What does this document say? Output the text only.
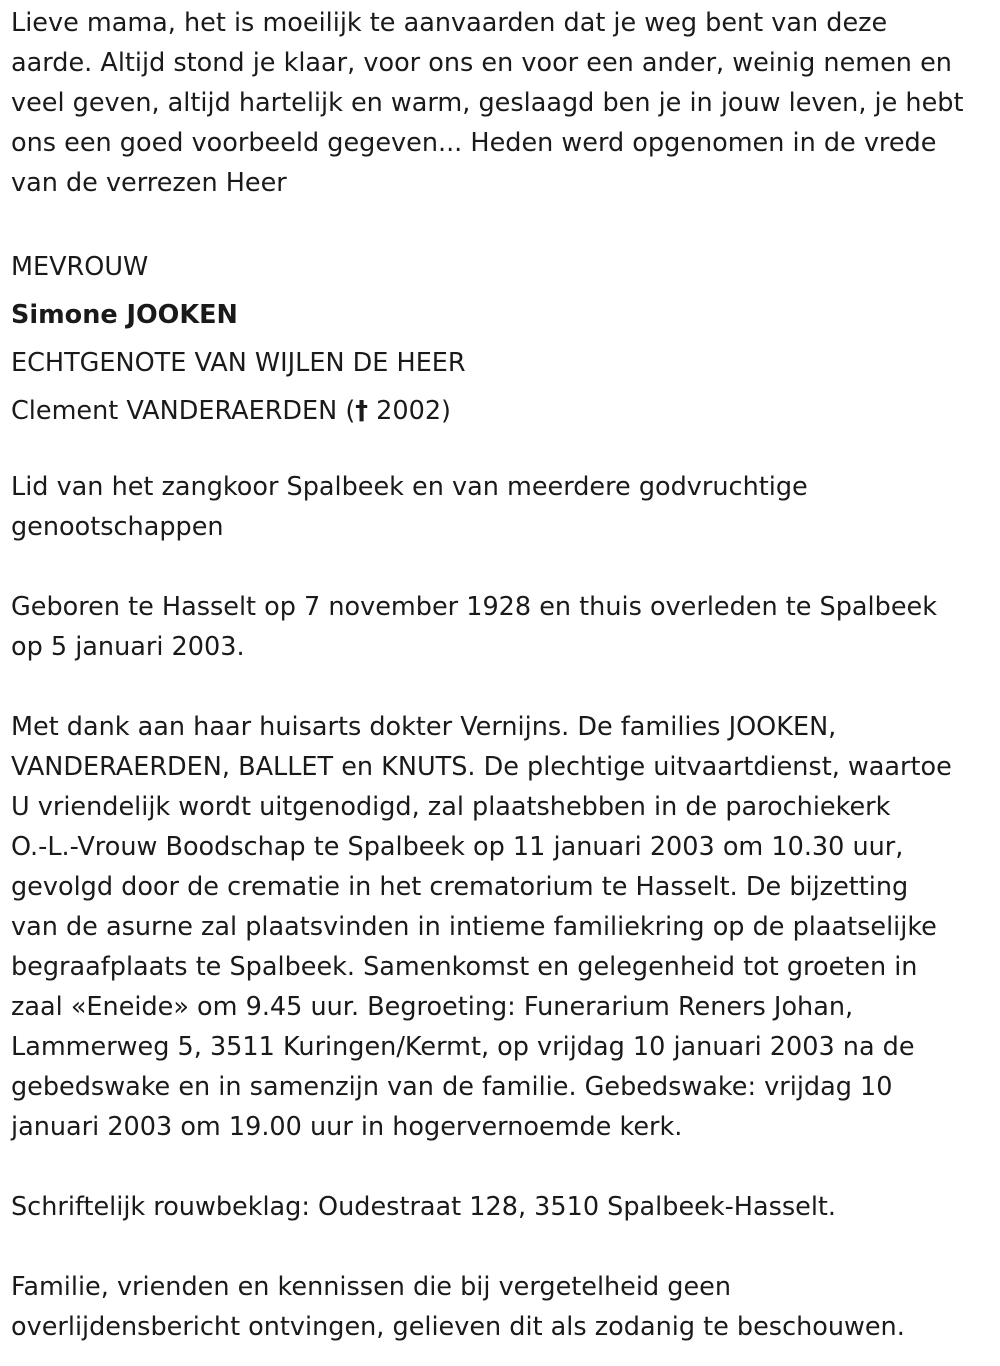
Lieve mama, het is moeilijk te aanvaarden dat je weg bent van deze
aarde. Altijd stond je klaar, voor ons en voor een ander, weinig nemen en
veel geven, altijd hartelijk en warm, geslaagd ben je in jouw leven, je hebt
ons een goed voorbeeld gegeven... Heden werd opgenomen in de vrede
van de verrezen Heer

MEVROUW
Simone JOOKEN
ECHTGENOTE VAN WIJLEN DE HEER
Clement VANDERAERDEN († 2002)

Lid van het zangkoor Spalbeek en van meerdere godvruchtige
genootschappen

Geboren te Hasselt op 7 november 1928 en thuis overleden te Spalbeek
op 5 januari 2003.

Met dank aan haar huisarts dokter Vernijns. De families JOOKEN,
VANDERAERDEN, BALLET en KNUTS. De plechtige uitvaartdienst, waartoe
U vriendelijk wordt uitgenodigd, zal plaatshebben in de parochiekerk
O.-L.-Vrouw Boodschap te Spalbeek op 11 januari 2003 om 10.30 uur,
gevolgd door de crematie in het crematorium te Hasselt. De bijzetting
van de asurne zal plaatsvinden in intieme familiekring op de plaatselijke
begraafplaats te Spalbeek. Samenkomst en gelegenheid tot groeten in
zaal «Eneide» om 9.45 uur. Begroeting: Funerarium Reners Johan,
Lammerweg 5, 3511 Kuringen/Kermt, op vrijdag 10 januari 2003 na de
gebedswake en in samenzijn van de familie. Gebedswake: vrijdag 10
januari 2003 om 19.00 uur in hogervernoemde kerk.

Schriftelijk rouwbeklag: Oudestraat 128, 3510 Spalbeek-Hasselt.

Familie, vrienden en kennissen die bij vergetelheid geen
overlijdensbericht ontvingen, gelieven dit als zodanig te beschouwen.
